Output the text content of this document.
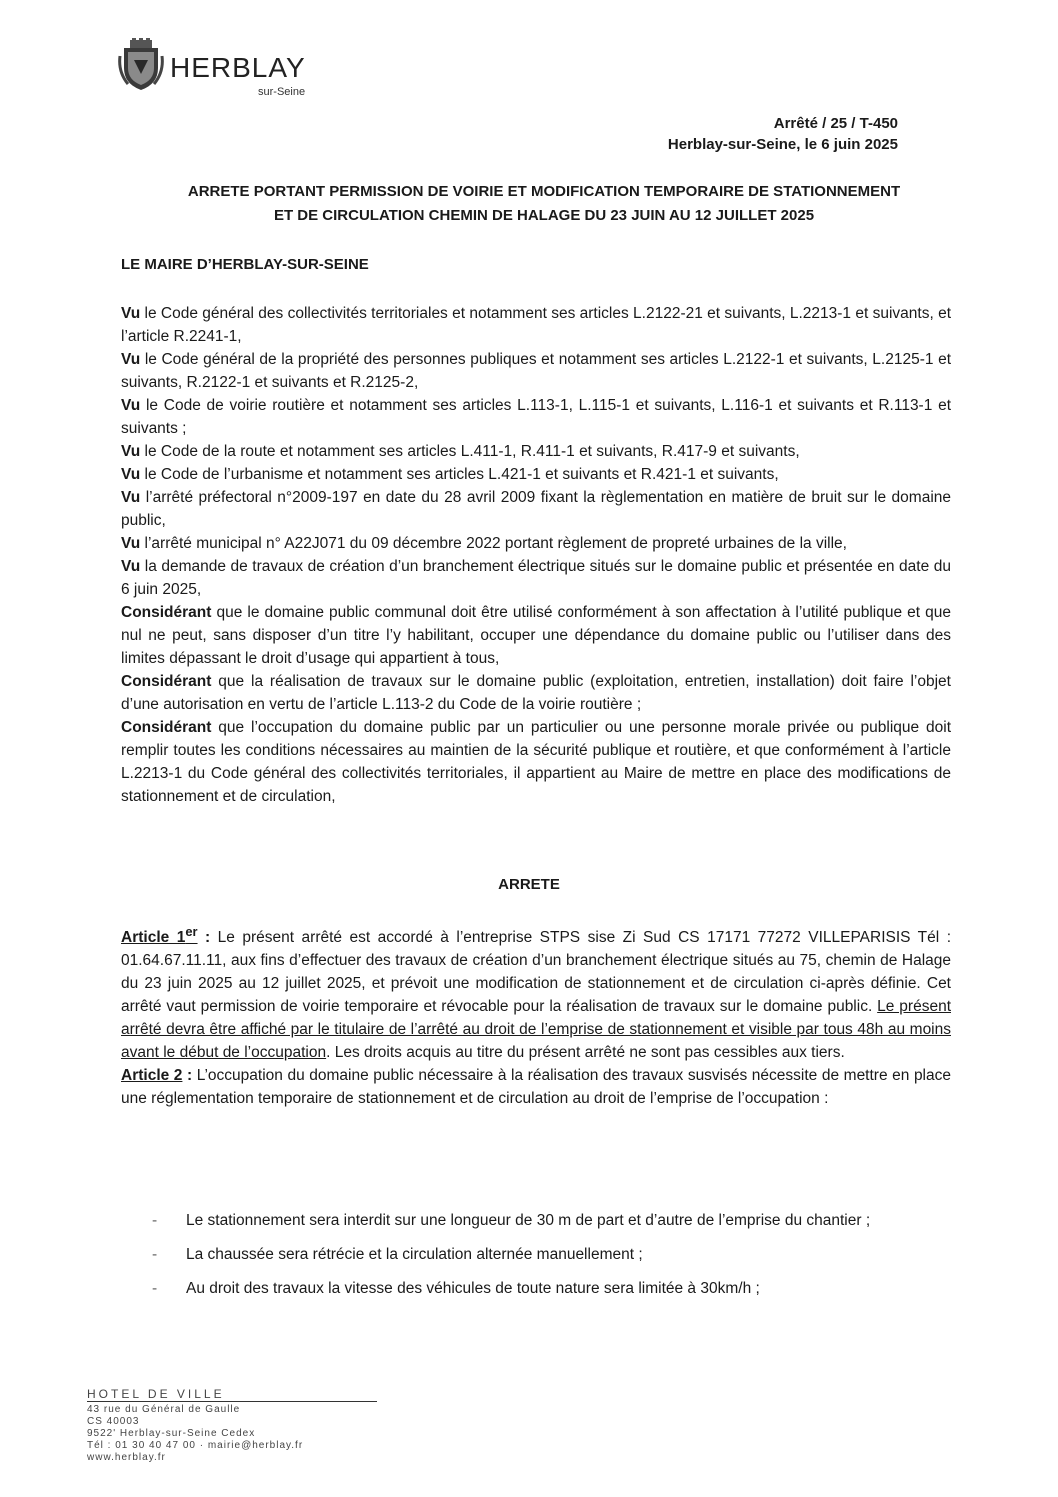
HERBLAY
sur-Seine
Arrêté / 25 / T-450
Herblay-sur-Seine, le 6 juin 2025
ARRETE PORTANT PERMISSION DE VOIRIE ET MODIFICATION TEMPORAIRE DE STATIONNEMENT
ET DE CIRCULATION CHEMIN DE HALAGE DU 23 JUIN AU 12 JUILLET 2025
LE MAIRE D’HERBLAY-SUR-SEINE

Vu le Code général des collectivités territoriales et notamment ses articles L.2122-21 et suivants, L.2213-1 et suivants, et l’article R.2241-1,

Vu le Code général de la propriété des personnes publiques et notamment ses articles L.2122-1 et suivants, L.2125-1 et suivants, R.2122-1 et suivants et R.2125-2,

Vu le Code de voirie routière et notamment ses articles L.113-1, L.115-1 et suivants, L.116-1 et suivants et R.113-1 et suivants ;

Vu le Code de la route et notamment ses articles L.411-1, R.411-1 et suivants, R.417-9 et suivants,

Vu le Code de l’urbanisme et notamment ses articles L.421-1 et suivants et R.421-1 et suivants,

Vu l’arrêté préfectoral n°2009-197 en date du 28 avril 2009 fixant la règlementation en matière de bruit sur le domaine public,

Vu l’arrêté municipal n° A22J071 du 09 décembre 2022 portant règlement de propreté urbaines de la ville,

Vu la demande de travaux de création d’un branchement électrique situés sur le domaine public et présentée en date du 6 juin 2025,

Considérant que le domaine public communal doit être utilisé conformément à son affectation à l’utilité publique et que nul ne peut, sans disposer d’un titre l’y habilitant, occuper une dépendance du domaine public ou l’utiliser dans des limites dépassant le droit d’usage qui appartient à tous,

Considérant que la réalisation de travaux sur le domaine public (exploitation, entretien, installation) doit faire l’objet d’une autorisation en vertu de l’article L.113-2 du Code de la voirie routière ;

Considérant que l’occupation du domaine public par un particulier ou une personne morale privée ou publique doit remplir toutes les conditions nécessaires au maintien de la sécurité publique et routière, et que conformément à l’article L.2213-1 du Code général des collectivités territoriales, il appartient au Maire de mettre en place des modifications de stationnement et de circulation,

ARRETE

Article 1er : Le présent arrêté est accordé à l’entreprise STPS sise Zi Sud CS 17171 77272 VILLEPARISIS Tél : 01.64.67.11.11, aux fins d’effectuer des travaux de création d’un branchement électrique situés au 75, chemin de Halage du 23 juin 2025 au 12 juillet 2025, et prévoit une modification de stationnement et de circulation ci-après définie. Cet arrêté vaut permission de voirie temporaire et révocable pour la réalisation de travaux sur le domaine public. Le présent arrêté devra être affiché par le titulaire de l’arrêté au droit de l’emprise de stationnement et visible par tous 48h au moins avant le début de l’occupation. Les droits acquis au titre du présent arrêté ne sont pas cessibles aux tiers.

Article 2 : L’occupation du domaine public nécessaire à la réalisation des travaux susvisés nécessite de mettre en place une réglementation temporaire de stationnement et de circulation au droit de l’emprise de l’occupation :

- Le stationnement sera interdit sur une longueur de 30 m de part et d’autre de l’emprise du chantier ;
- La chaussée sera rétrécie et la circulation alternée manuellement ;
- Au droit des travaux la vitesse des véhicules de toute nature sera limitée à 30km/h ;
HOTEL DE VILLE
43 rue du Général de Gaulle
CS 40003
9522' Herblay-sur-Seine Cedex
Tél : 01 30 40 47 00 · mairie@herblay.fr
www.herblay.fr
